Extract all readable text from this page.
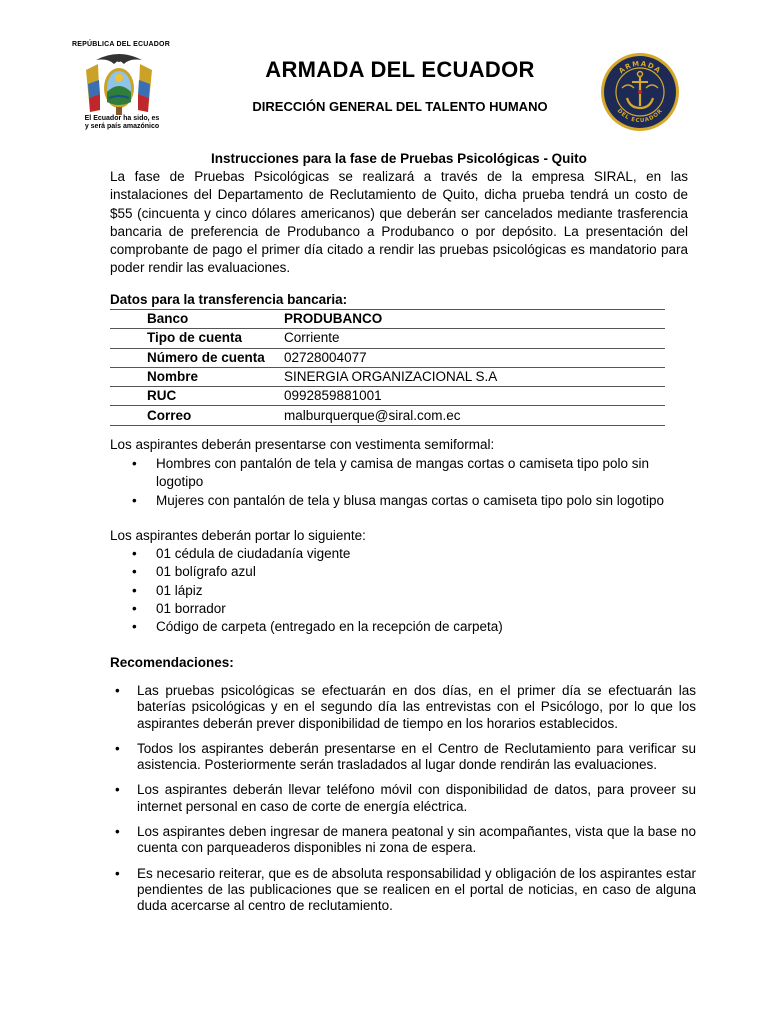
REPÚBLICA DEL ECUADOR
El Ecuador ha sido, es
y será país amazónico
ARMADA DEL ECUADOR
DIRECCIÓN GENERAL DEL TALENTO HUMANO
ARMADA
DEL ECUADOR
Instrucciones para la fase de Pruebas Psicológicas - Quito
La fase de Pruebas Psicológicas se realizará a través de la empresa SIRAL, en las instalaciones del Departamento de Reclutamiento de Quito, dicha prueba tendrá un costo de $55 (cincuenta y cinco dólares americanos) que deberán ser cancelados mediante trasferencia bancaria de preferencia de Produbanco a Produbanco o por depósito. La presentación del comprobante de pago el primer día citado a rendir las pruebas psicológicas es mandatorio para poder rendir las evaluaciones.
Datos para la transferencia bancaria:
Banco	PRODUBANCO
Tipo de cuenta	Corriente
Número de cuenta	02728004077
Nombre	SINERGIA ORGANIZACIONAL S.A
RUC	0992859881001
Correo	malburquerque@siral.com.ec
Los aspirantes deberán presentarse con vestimenta semiformal:
• Hombres con pantalón de tela y camisa de mangas cortas o camiseta tipo polo sin logotipo
• Mujeres con pantalón de tela y blusa mangas cortas o camiseta tipo polo sin logotipo
Los aspirantes deberán portar lo siguiente:
• 01 cédula de ciudadanía vigente
• 01 bolígrafo azul
• 01 lápiz
• 01 borrador
• Código de carpeta (entregado en la recepción de carpeta)
Recomendaciones:
• Las pruebas psicológicas se efectuarán en dos días, en el primer día se efectuarán las baterías psicológicas y en el segundo día las entrevistas con el Psicólogo, por lo que los aspirantes deberán prever disponibilidad de tiempo en los horarios establecidos.
• Todos los aspirantes deberán presentarse en el Centro de Reclutamiento para verificar su asistencia. Posteriormente serán trasladados al lugar donde rendirán las evaluaciones.
• Los aspirantes deberán llevar teléfono móvil con disponibilidad de datos, para proveer su internet personal en caso de corte de energía eléctrica.
• Los aspirantes deben ingresar de manera peatonal y sin acompañantes, vista que la base no cuenta con parqueaderos disponibles ni zona de espera.
• Es necesario reiterar, que es de absoluta responsabilidad y obligación de los aspirantes estar pendientes de las publicaciones que se realicen en el portal de noticias, en caso de alguna duda acercarse al centro de reclutamiento.
